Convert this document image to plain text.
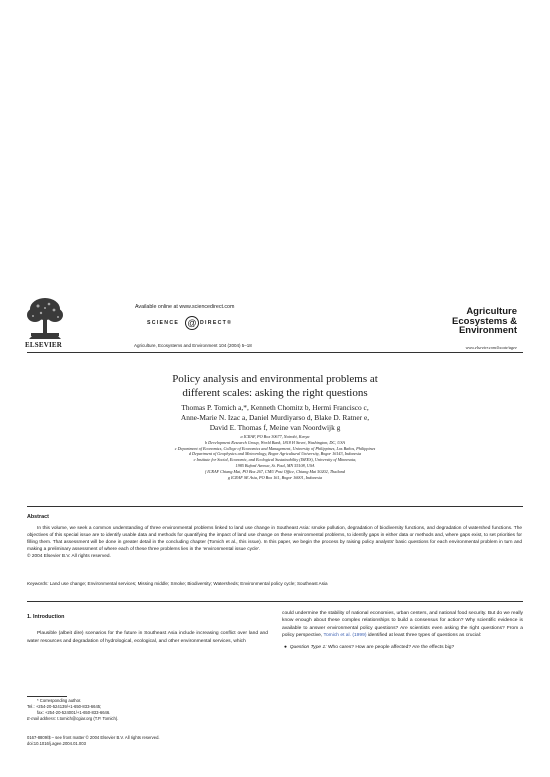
Available online at www.sciencedirect.com
SCIENCE @ DIRECT®
ELSEVIER	Agriculture, Ecosystems and Environment 104 (2004) 5–18
Agriculture
Ecosystems &
Environment
www.elsevier.com/locate/agee
Policy analysis and environmental problems at
different scales: asking the right questions
Thomas P. Tomich a,*, Kenneth Chomitz b, Hermi Francisco c,
Anne-Marie N. Izac a, Daniel Murdiyarso d, Blake D. Ratner e,
David E. Thomas f, Meine van Noordwijk g
a ICRAF, PO Box 30677, Nairobi, Kenya
b Development Research Group, World Bank, 1818 H Street, Washington, DC, USA
c Department of Economics, College of Economics and Management, University of Philippines, Los Baños, Philippines
d Department of Geophysics and Meteorology, Bogor Agricultural University, Bogor 16143, Indonesia
e Institute for Social, Economic, and Ecological Sustainability (ISEES), University of Minnesota,
1985 Buford Avenue, St. Paul, MN 55108, USA
f ICRAF Chiang Mai, PO Box 267, CMU Post Office, Chiang Mai 50202, Thailand
g ICRAF SE Asia, PO Box 161, Bogor 16001, Indonesia
Abstract
In this volume, we seek a common understanding of three environmental problems linked to land use change in Southeast Asia: smoke pollution, degradation of biodiversity functions, and degradation of watershed functions. The objectives of this special issue are to identify usable data and methods for quantifying the impact of land use change on these environmental problems, to identify gaps in either data or methods and, where gaps exist, to set priorities for filling them. That assessment will be done in greater detail in the concluding chapter (Tomich et al., this issue). In this paper, we begin the process by raising policy analysts' basic questions for each environmental problem in turn and making a preliminary assessment of where each of these three problems lies in the ‘environmental issue cycle’.
© 2004 Elsevier B.V. All rights reserved.
Keywords: Land use change; Environmental services; Missing middle; Smoke; Biodiversity; Watersheds; Environmental policy cycle; Southeast Asia
1. Introduction
Plausible (albeit dire) scenarios for the future in Southeast Asia include increasing conflict over land and water resources and degradation of hydrological, ecological, and other environmental services, which
* Corresponding author.
Tel.: +254-20-524139/+1-650-833-6645;
fax: +254-20-524001/+1-650-833-6646.
E-mail address: t.tomich@cgiar.org (T.P. Tomich).
could undermine the stability of national economies, urban centers, and national food security. But do we really know enough about these complex relationships to build a consensus for action? Why scientific evidence is available to answer environmental policy questions? Are scientists even asking the right questions? From a policy perspective, Tomich et al. (1999) identified at least three types of questions as crucial:
●  Question Type 1: Who cares? How are people affected? Are the effects big?
0167-8809/$ – see front matter © 2004 Elsevier B.V. All rights reserved.
doi:10.1016/j.agee.2004.01.003
